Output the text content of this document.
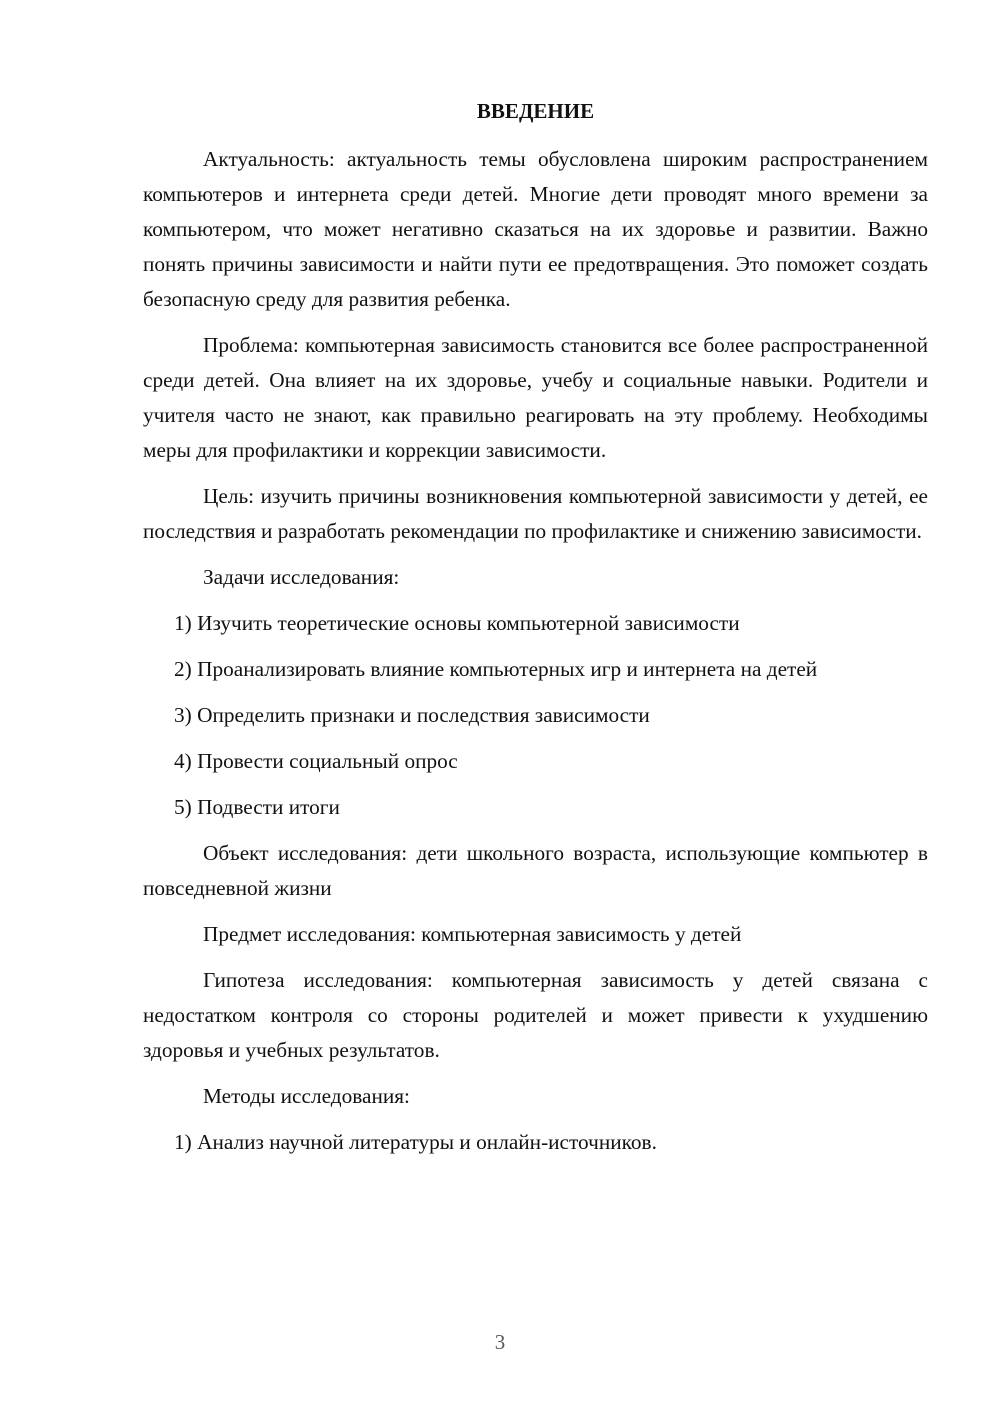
ВВЕДЕНИЕ

Актуальность: актуальность темы обусловлена широким распространением компьютеров и интернета среди детей. Многие дети проводят много времени за компьютером, что может негативно сказаться на их здоровье и развитии. Важно понять причины зависимости и найти пути ее предотвращения. Это поможет создать безопасную среду для развития ребенка.

Проблема: компьютерная зависимость становится все более распространенной среди детей. Она влияет на их здоровье, учебу и социальные навыки. Родители и учителя часто не знают, как правильно реагировать на эту проблему. Необходимы меры для профилактики и коррекции зависимости.

Цель: изучить причины возникновения компьютерной зависимости у детей, ее последствия и разработать рекомендации по профилактике и снижению зависимости.

Задачи исследования:

1) Изучить теоретические основы компьютерной зависимости

2) Проанализировать влияние компьютерных игр и интернета на детей

3) Определить признаки и последствия зависимости

4) Провести социальный опрос

5) Подвести итоги

Объект исследования: дети школьного возраста, использующие компьютер в повседневной жизни

Предмет исследования: компьютерная зависимость у детей

Гипотеза исследования: компьютерная зависимость у детей связана с недостатком контроля со стороны родителей и может привести к ухудшению здоровья и учебных результатов.

Методы исследования:

1) Анализ научной литературы и онлайн-источников.

3
